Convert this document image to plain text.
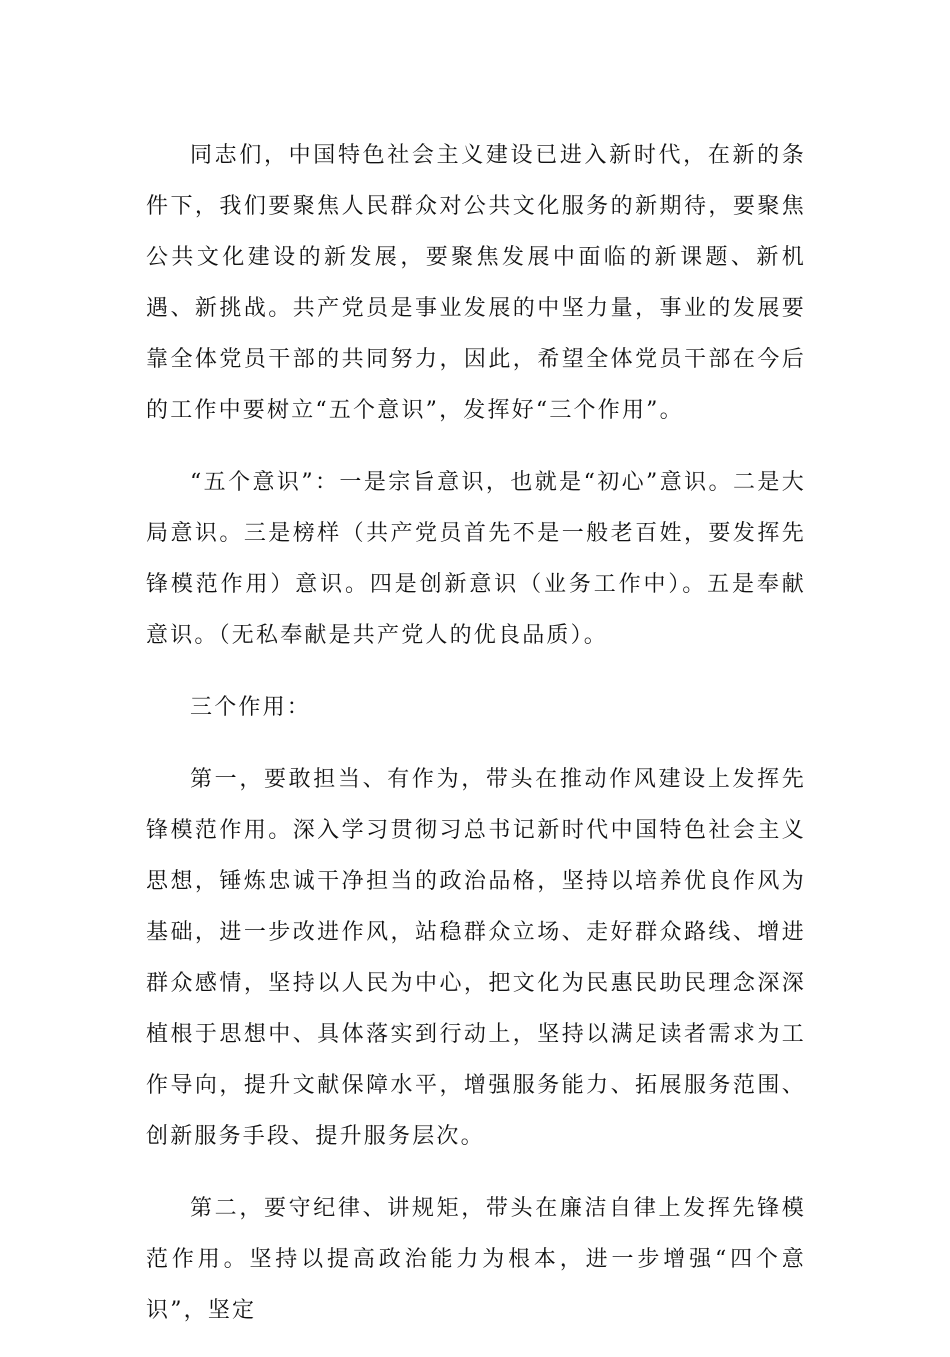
同志们，中国特色社会主义建设已进入新时代，在新的条件下，我们要聚焦人民群众对公共文化服务的新期待，要聚焦公共文化建设的新发展，要聚焦发展中面临的新课题、新机遇、新挑战。共产党员是事业发展的中坚力量，事业的发展要靠全体党员干部的共同努力，因此，希望全体党员干部在今后的工作中要树立“五个意识”，发挥好“三个作用”。

“五个意识”：一是宗旨意识，也就是“初心”意识。二是大局意识。三是榜样（共产党员首先不是一般老百姓，要发挥先锋模范作用）意识。四是创新意识（业务工作中）。五是奉献意识。（无私奉献是共产党人的优良品质）。

三个作用：

第一，要敢担当、有作为，带头在推动作风建设上发挥先锋模范作用。深入学习贯彻习总书记新时代中国特色社会主义思想，锤炼忠诚干净担当的政治品格，坚持以培养优良作风为基础，进一步改进作风，站稳群众立场、走好群众路线、增进群众感情，坚持以人民为中心，把文化为民惠民助民理念深深植根于思想中、具体落实到行动上，坚持以满足读者需求为工作导向，提升文献保障水平，增强服务能力、拓展服务范围、创新服务手段、提升服务层次。

第二，要守纪律、讲规矩，带头在廉洁自律上发挥先锋模范作用。坚持以提高政治能力为根本，进一步增强“四个意识”，坚定
